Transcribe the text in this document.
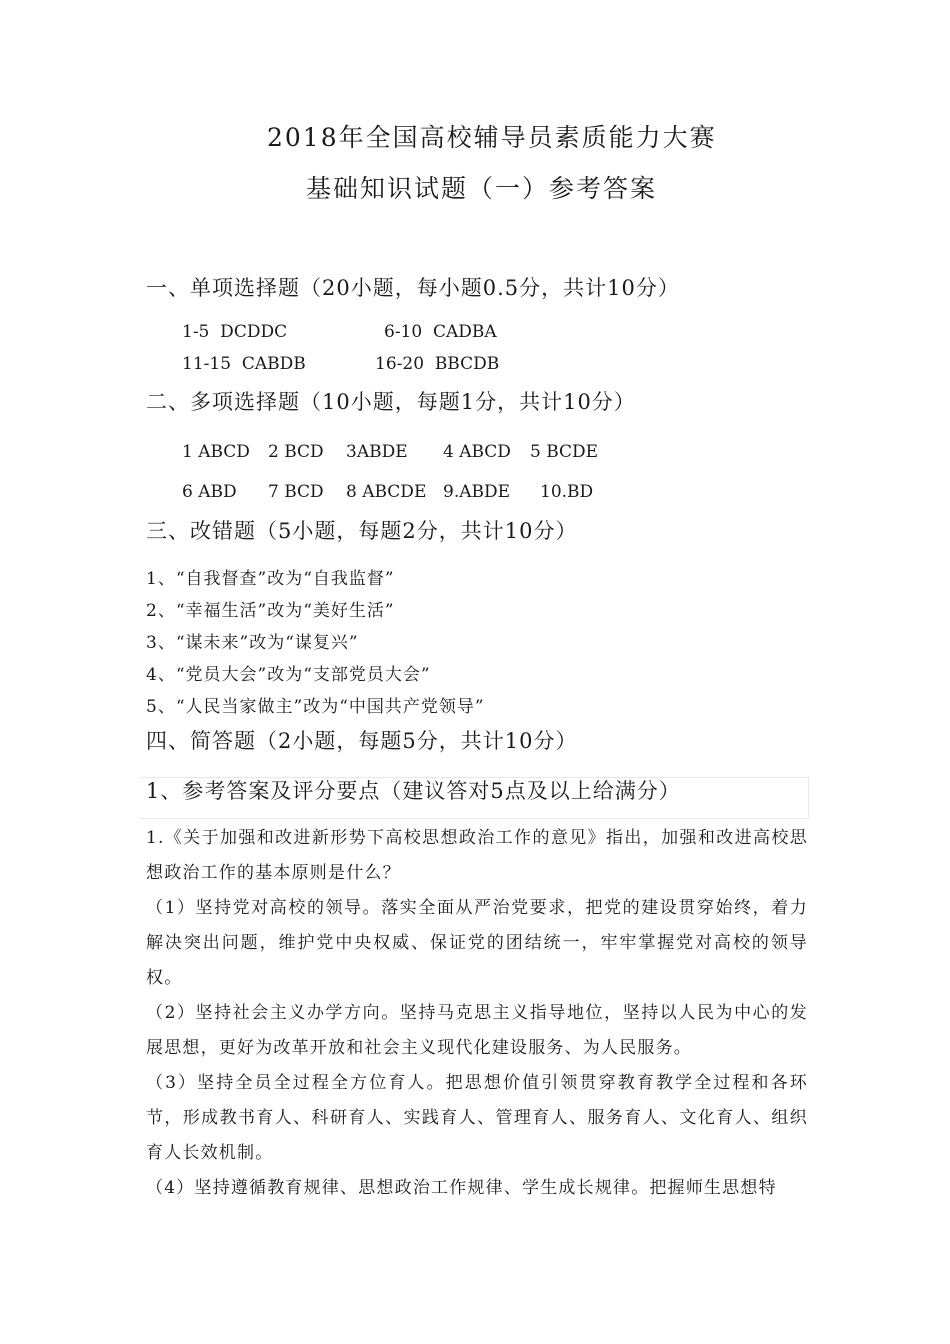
2018年全国高校辅导员素质能力大赛
基础知识试题（一）参考答案
一、单项选择题（20小题，每小题0.5分，共计10分）
1-5  DCDDC	6-10  CADBA
11-15  CABDB	16-20  BBCDB
二、多项选择题（10小题，每题1分，共计10分）
1 ABCD 2 BCD 3ABDE 4 ABCD 5 BCDE
6 ABD 7 BCD 8 ABCDE 9.ABDE 10.BD
三、改错题（5小题，每题2分，共计10分）
1、“自我督查”改为“自我监督”
2、“幸福生活”改为“美好生活”
3、“谋未来”改为“谋复兴”
4、“党员大会”改为“支部党员大会”
5、“人民当家做主”改为“中国共产党领导”
四、简答题（2小题，每题5分，共计10分）
1、参考答案及评分要点（建议答对5点及以上给满分）

1.《关于加强和改进新形势下高校思想政治工作的意见》指出，加强和改进高校思想政治工作的基本原则是什么？

（1）坚持党对高校的领导。落实全面从严治党要求，把党的建设贯穿始终，着力解决突出问题，维护党中央权威、保证党的团结统一，牢牢掌握党对高校的领导权。

（2）坚持社会主义办学方向。坚持马克思主义指导地位，坚持以人民为中心的发展思想，更好为改革开放和社会主义现代化建设服务、为人民服务。

（3）坚持全员全过程全方位育人。把思想价值引领贯穿教育教学全过程和各环节，形成教书育人、科研育人、实践育人、管理育人、服务育人、文化育人、组织育人长效机制。

（4）坚持遵循教育规律、思想政治工作规律、学生成长规律。把握师生思想特
